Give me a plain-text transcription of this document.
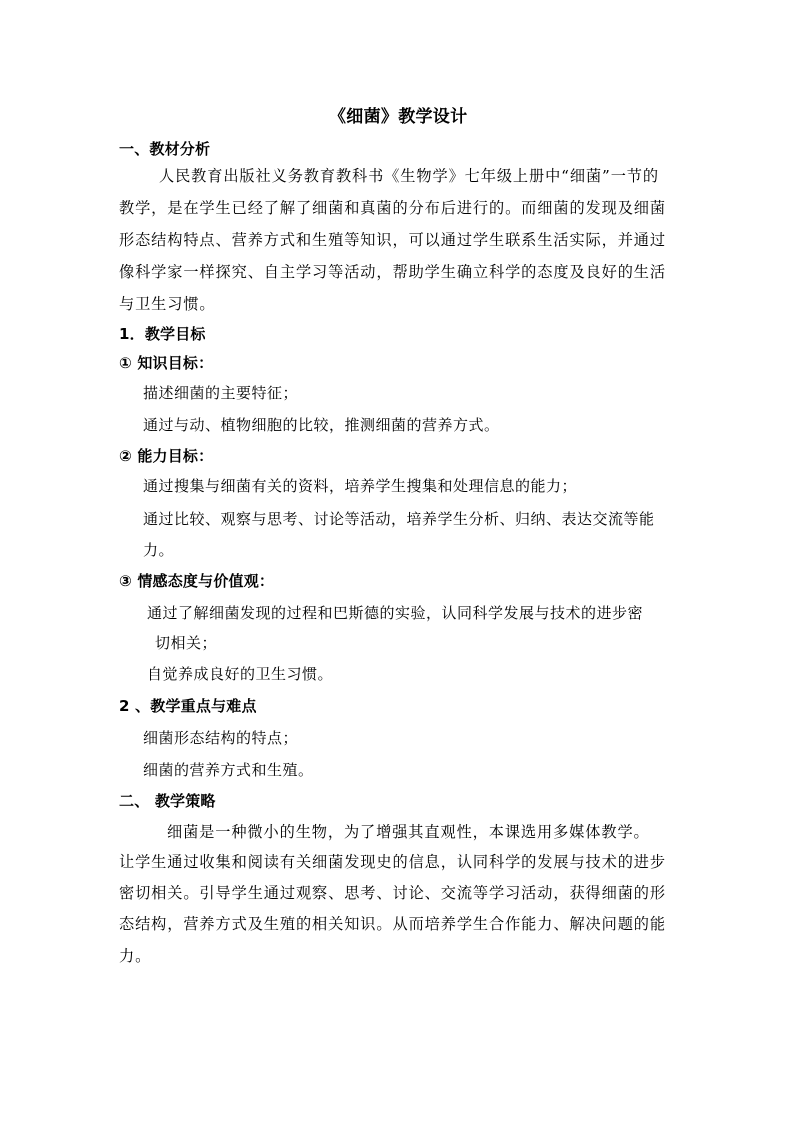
《细菌》教学设计
一、教材分析
人民教育出版社义务教育教科书《生物学》七年级上册中“细菌”一节的
教学，是在学生已经了解了细菌和真菌的分布后进行的。而细菌的发现及细菌
形态结构特点、营养方式和生殖等知识，可以通过学生联系生活实际，并通过
像科学家一样探究、自主学习等活动，帮助学生确立科学的态度及良好的生活
与卫生习惯。
1．教学目标
① 知识目标：
描述细菌的主要特征；
通过与动、植物细胞的比较，推测细菌的营养方式。
② 能力目标：
通过搜集与细菌有关的资料，培养学生搜集和处理信息的能力；
通过比较、观察与思考、讨论等活动，培养学生分析、归纳、表达交流等能
力。
③ 情感态度与价值观：
通过了解细菌发现的过程和巴斯德的实验，认同科学发展与技术的进步密
切相关；
自觉养成良好的卫生习惯。
2 、教学重点与难点
细菌形态结构的特点；
细菌的营养方式和生殖。
二、 教学策略
细菌是一种微小的生物，为了增强其直观性，本课选用多媒体教学。
让学生通过收集和阅读有关细菌发现史的信息，认同科学的发展与技术的进步
密切相关。引导学生通过观察、思考、讨论、交流等学习活动，获得细菌的形
态结构，营养方式及生殖的相关知识。从而培养学生合作能力、解决问题的能
力。
